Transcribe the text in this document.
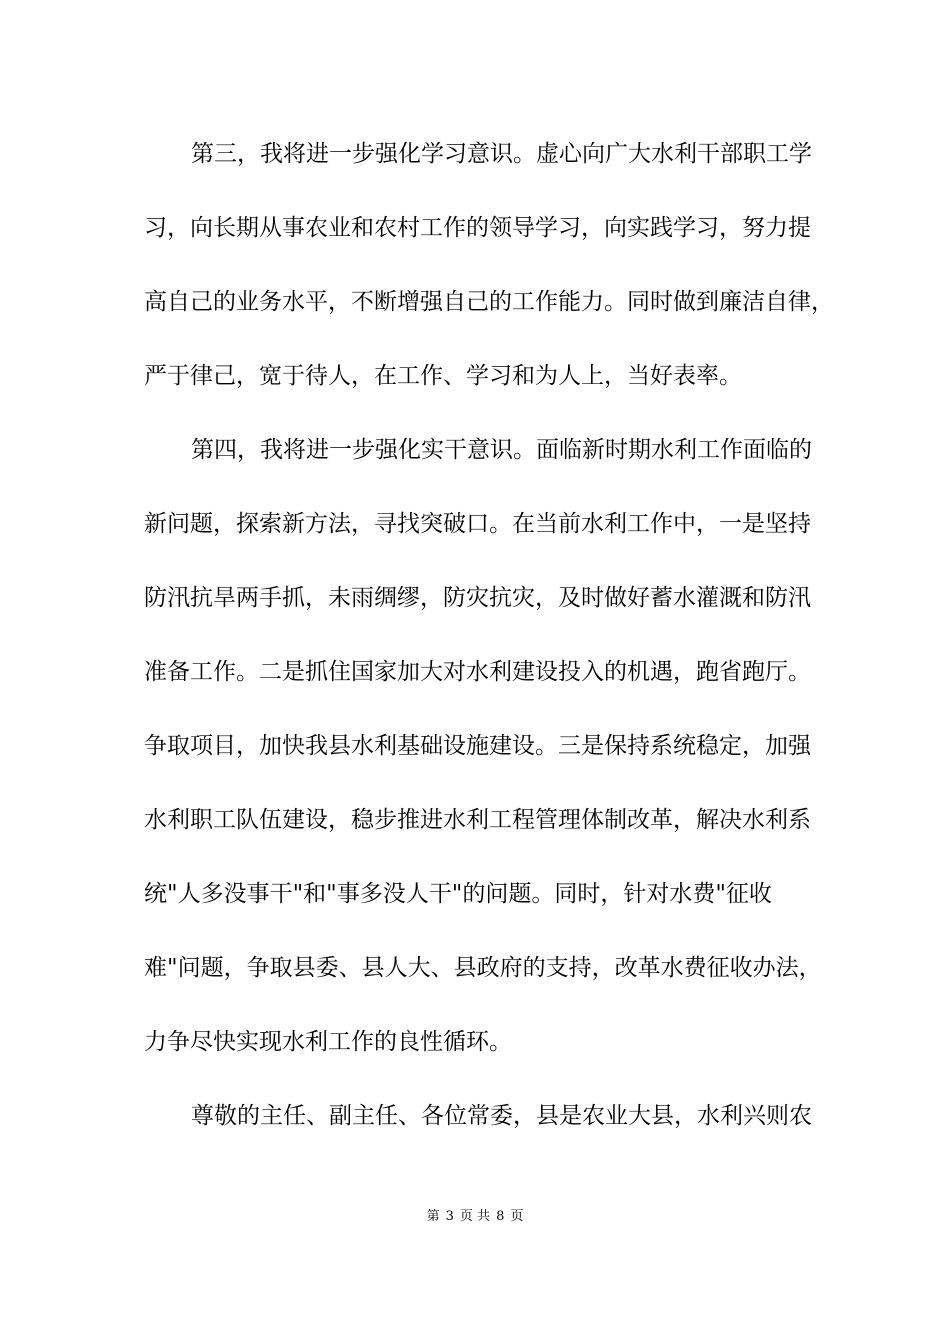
第三，我将进一步强化学习意识。虚心向广大水利干部职工学

习，向长期从事农业和农村工作的领导学习，向实践学习，努力提

高自己的业务水平，不断增强自己的工作能力。同时做到廉洁自律，

严于律己，宽于待人，在工作、学习和为人上，当好表率。

第四，我将进一步强化实干意识。面临新时期水利工作面临的

新问题，探索新方法，寻找突破口。在当前水利工作中，一是坚持

防汛抗旱两手抓，未雨绸缪，防灾抗灾，及时做好蓄水灌溉和防汛

准备工作。二是抓住国家加大对水利建设投入的机遇，跑省跑厅。

争取项目，加快我县水利基础设施建设。三是保持系统稳定，加强

水利职工队伍建设，稳步推进水利工程管理体制改革，解决水利系

统"人多没事干"和"事多没人干"的问题。同时，针对水费"征收

难"问题，争取县委、县人大、县政府的支持，改革水费征收办法，

力争尽快实现水利工作的良性循环。

尊敬的主任、副主任、各位常委，县是农业大县，水利兴则农

第 3 页 共 8 页
